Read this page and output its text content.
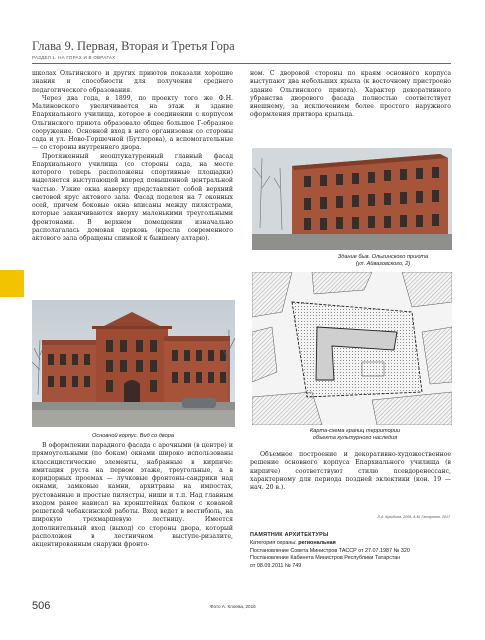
Глава 9. Первая, Вторая и Третья Гора
РАЗДЕЛ 1. НА ГОРАХ И В ОВРАГАХ

школах Ольгинского и других приютов показали хорошие знания и способности для получения среднего педагогического образования.

Через два года, в 1899, по проекту того же Ф.Н. Малиновского увеличивается на этаж и здание Епархиального училища, которое в соединении с корпусом Ольгинского приюта образовало общее большое Г-образное сооружение. Основной вход в него организован со стороны сада и ул. Ново-Горшечной (Бутлерова), а вспомогательные — со стороны внутреннего двора.

Протяженный неоштукатуренный главный фасад Епархиального училища (со стороны сада, на месте которого теперь расположены спортивные площадки) выделяется выступающей вперед повышенной центральной частью. Узкие окна наверху представляют собой верхний световой ярус актового зала. Фасад поделен на 7 оконных осей, причем боковые окна вписаны между пилястрами, которые заканчиваются вверху маленькими треугольными фронтонами. В верхнем помещении изначально располагалась домовая церковь (кресла современного актового зала обращены спинкой к бывшему алтарю).

Основной корпус. Вид со двора

В оформлении парадного фасада с арочными (в центре) и прямоугольными (по бокам) окнами широко использованы классицистические элементы, набранные в кирпиче: имитация руста на первом этаже, треугольные, а в коридорных проемах — лучковые фронтоны-сандрики над окнами, замковые камни, архитравы на импостах, рустованные и простые пилястры, ниши и т.п. Над главным входом ранее нависал на кронштейнах балкон с кованой решеткой чебаксинской работы. Вход ведет в вестибюль, на широкую трехмаршевую лестницу. Имеется дополнительный вход (выход) со стороны двора, который расположен в лестничном выступе-ризалите, акцентированным снаружи фронто-

ном. С дворовой стороны по краям основного корпуса выступают два небольших крыла (к восточному пристроено здание Ольгинского приюта). Характер декоративного убранства дворового фасада полностью соответствует внешнему, за исключением более простого наружного оформления притвора крыльца.

Здание быв. Ольгинского приюта
(ул. Айвазовского, 2)
Карта-схема границ территории
объекта культурного наследия

Объемное построение и декоративно-художественное решение основного корпуса Епархиального училища (в кирпиче) соответствуют стилю псевдоренессанс, характерному для периода поздней эклектики (кон. 19 — нач. 20 в.).

Л.А. Кулибина, 2009, А.М. Гатауллин, 2017
ПАМЯТНИК АРХИТЕКТУРЫ
Категория охраны: региональная
Постановление Совета Министров ТАССР от 27.07.1987 № 320
Постановление Кабинета Министров Республики Татарстан
от 08.09.2011 № 749
506	Фото А. Клоева, 2016
